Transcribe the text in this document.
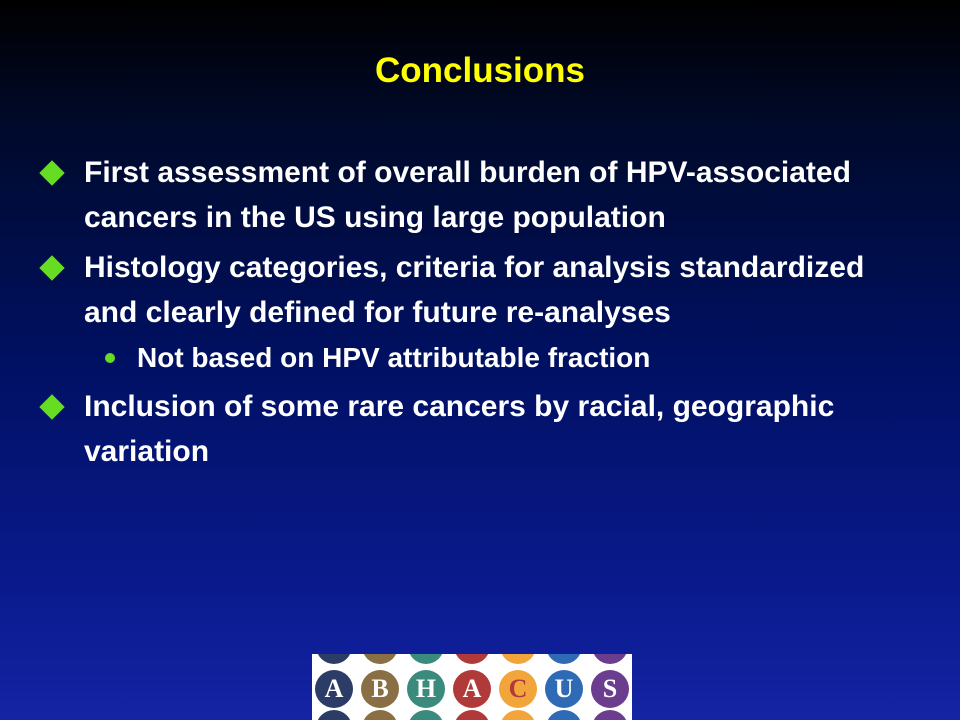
Conclusions
First assessment of overall burden of HPV-associated cancers in the US using large population
Histology categories, criteria for analysis standardized and clearly defined for future re-analyses
Not based on HPV attributable fraction
Inclusion of some rare cancers by racial, geographic variation
A	B	H	A	C	U	S
